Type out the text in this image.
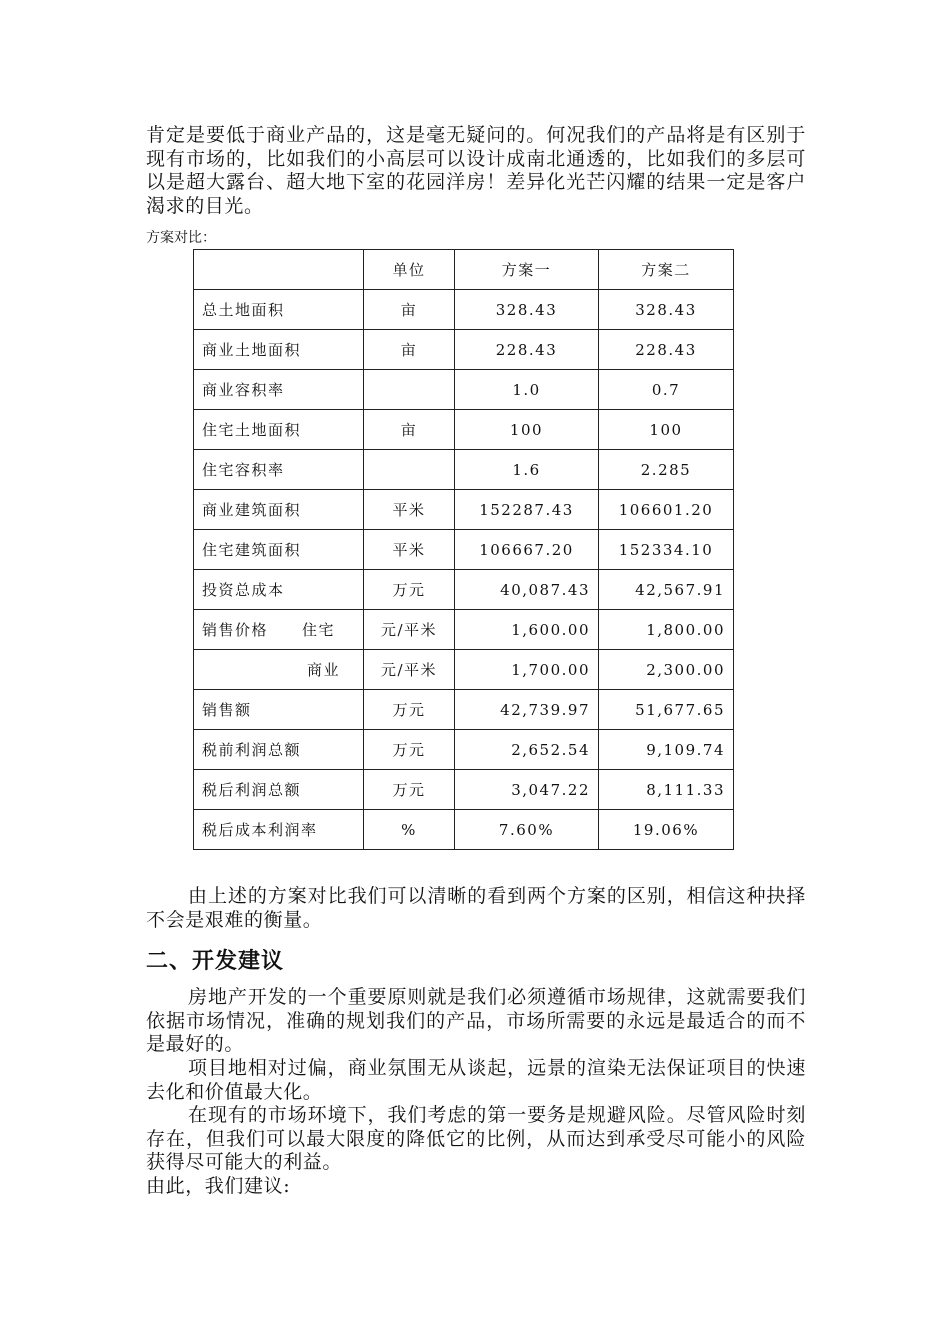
肯定是要低于商业产品的，这是毫无疑问的。何况我们的产品将是有区别于现有市场的，比如我们的小高层可以设计成南北通透的，比如我们的多层可以是超大露台、超大地下室的花园洋房！差异化光芒闪耀的结果一定是客户渴求的目光。

方案对比：

	单位	方案一	方案二
总土地面积	亩	328.43	328.43
商业土地面积	亩	228.43	228.43
商业容积率		1.0	0.7
住宅土地面积	亩	100	100
住宅容积率		1.6	2.285
商业建筑面积	平米	152287.43	106601.20
住宅建筑面积	平米	106667.20	152334.10
投资总成本	万元	40,087.43	42,567.91
销售价格 住宅	元/平米	1,600.00	1,800.00
商业	元/平米	1,700.00	2,300.00
销售额	万元	42,739.97	51,677.65
税前利润总额	万元	2,652.54	9,109.74
税后利润总额	万元	3,047.22	8,111.33
税后成本利润率	%	7.60%	19.06%

由上述的方案对比我们可以清晰的看到两个方案的区别，相信这种抉择不会是艰难的衡量。

二、开发建议

房地产开发的一个重要原则就是我们必须遵循市场规律，这就需要我们依据市场情况，准确的规划我们的产品，市场所需要的永远是最适合的而不是最好的。

项目地相对过偏，商业氛围无从谈起，远景的渲染无法保证项目的快速去化和价值最大化。

在现有的市场环境下，我们考虑的第一要务是规避风险。尽管风险时刻存在，但我们可以最大限度的降低它的比例，从而达到承受尽可能小的风险获得尽可能大的利益。

由此，我们建议:
